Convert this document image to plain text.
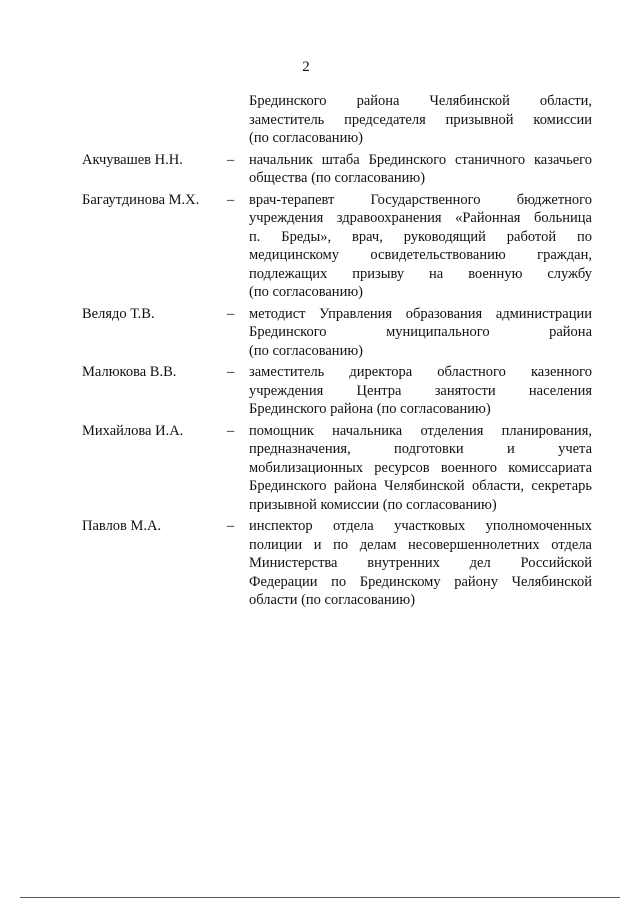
2
Брединского района Челябинской области,
заместитель председателя призывной комиссии
(по согласованию)
Акчувашев Н.Н.	–	начальник штаба Брединского станичного казачьего
общества (по согласованию)
Багаутдинова М.Х.	–	врач-терапевт Государственного бюджетного
учреждения здравоохранения «Районная больница
п. Бреды», врач, руководящий работой по
медицинскому освидетельствованию граждан,
подлежащих призыву на военную службу
(по согласованию)
Велядо Т.В.	–	методист Управления образования администрации
Брединского муниципального района
(по согласованию)
Малюкова В.В.	–	заместитель директора областного казенного
учреждения Центра занятости населения
Брединского района (по согласованию)
Михайлова И.А.	–	помощник начальника отделения планирования,
предназначения, подготовки и учета
мобилизационных ресурсов военного комиссариата
Брединского района Челябинской области, секретарь
призывной комиссии (по согласованию)
Павлов М.А.	–	инспектор отдела участковых уполномоченных
полиции и по делам несовершеннолетних отдела
Министерства внутренних дел Российской
Федерации по Брединскому району Челябинской
области (по согласованию)
